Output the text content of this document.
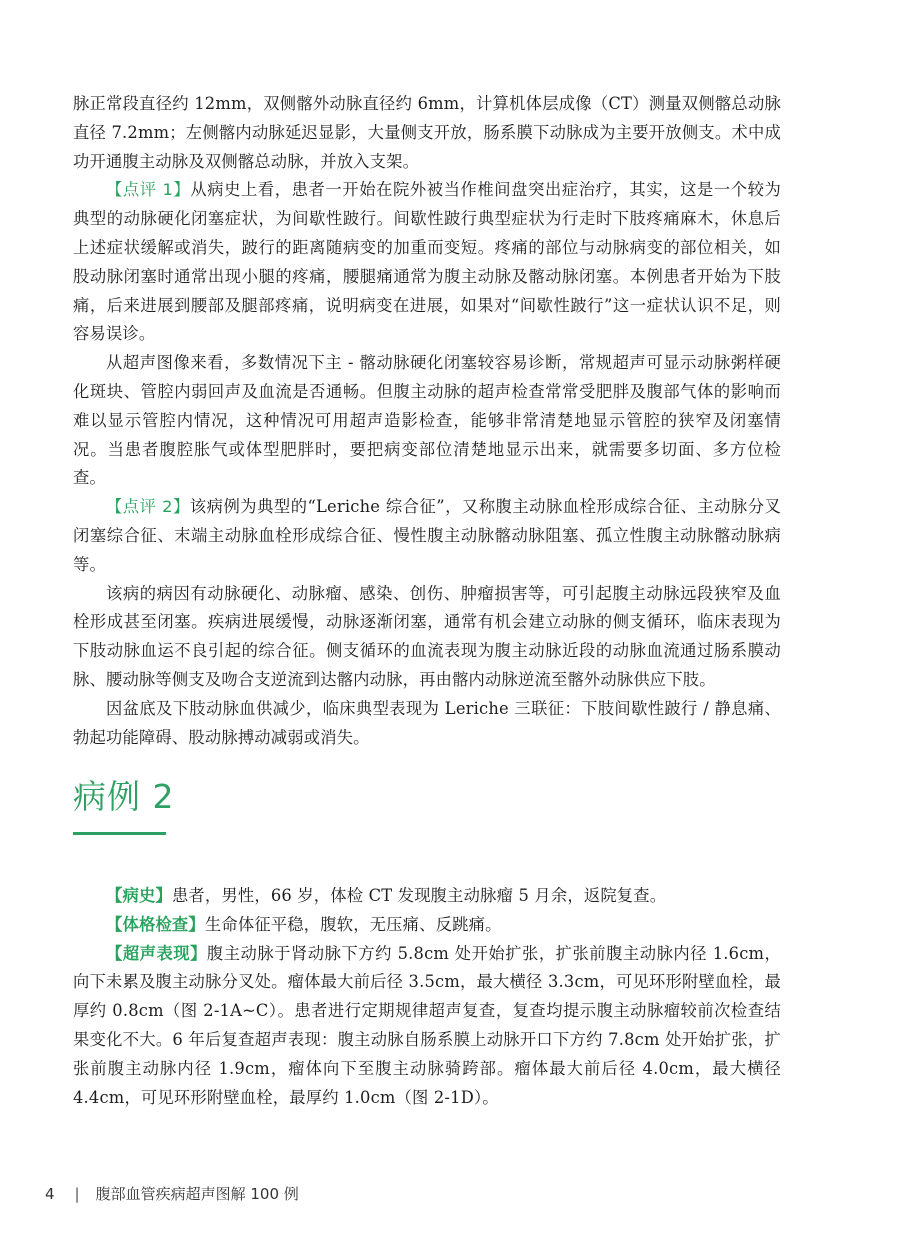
脉正常段直径约 12mm，双侧髂外动脉直径约 6mm，计算机体层成像（CT）测量双侧髂总动脉直径 7.2mm；左侧髂内动脉延迟显影，大量侧支开放，肠系膜下动脉成为主要开放侧支。术中成功开通腹主动脉及双侧髂总动脉，并放入支架。

【点评 1】从病史上看，患者一开始在院外被当作椎间盘突出症治疗，其实，这是一个较为典型的动脉硬化闭塞症状，为间歇性跛行。间歇性跛行典型症状为行走时下肢疼痛麻木，休息后上述症状缓解或消失，跛行的距离随病变的加重而变短。疼痛的部位与动脉病变的部位相关，如股动脉闭塞时通常出现小腿的疼痛，腰腿痛通常为腹主动脉及髂动脉闭塞。本例患者开始为下肢痛，后来进展到腰部及腿部疼痛，说明病变在进展，如果对“间歇性跛行”这一症状认识不足，则容易误诊。

从超声图像来看，多数情况下主 - 髂动脉硬化闭塞较容易诊断，常规超声可显示动脉粥样硬化斑块、管腔内弱回声及血流是否通畅。但腹主动脉的超声检查常常受肥胖及腹部气体的影响而难以显示管腔内情况，这种情况可用超声造影检查，能够非常清楚地显示管腔的狭窄及闭塞情况。当患者腹腔胀气或体型肥胖时，要把病变部位清楚地显示出来，就需要多切面、多方位检查。

【点评 2】该病例为典型的“Leriche 综合征”，又称腹主动脉血栓形成综合征、主动脉分叉闭塞综合征、末端主动脉血栓形成综合征、慢性腹主动脉髂动脉阻塞、孤立性腹主动脉髂动脉病等。

该病的病因有动脉硬化、动脉瘤、感染、创伤、肿瘤损害等，可引起腹主动脉远段狭窄及血栓形成甚至闭塞。疾病进展缓慢，动脉逐渐闭塞，通常有机会建立动脉的侧支循环，临床表现为下肢动脉血运不良引起的综合征。侧支循环的血流表现为腹主动脉近段的动脉血流通过肠系膜动脉、腰动脉等侧支及吻合支逆流到达髂内动脉，再由髂内动脉逆流至髂外动脉供应下肢。

因盆底及下肢动脉血供减少，临床典型表现为 Leriche 三联征：下肢间歇性跛行 / 静息痛、勃起功能障碍、股动脉搏动减弱或消失。

病例 2

【病史】患者，男性，66 岁，体检 CT 发现腹主动脉瘤 5 月余，返院复查。

【体格检查】生命体征平稳，腹软，无压痛、反跳痛。

【超声表现】腹主动脉于肾动脉下方约 5.8cm 处开始扩张，扩张前腹主动脉内径 1.6cm，向下未累及腹主动脉分叉处。瘤体最大前后径 3.5cm，最大横径 3.3cm，可见环形附壁血栓，最厚约 0.8cm（图 2-1A~C）。患者进行定期规律超声复查，复查均提示腹主动脉瘤较前次检查结果变化不大。6 年后复查超声表现：腹主动脉自肠系膜上动脉开口下方约 7.8cm 处开始扩张，扩张前腹主动脉内径 1.9cm，瘤体向下至腹主动脉骑跨部。瘤体最大前后径 4.0cm，最大横径 4.4cm，可见环形附壁血栓，最厚约 1.0cm（图 2-1D）。

4 | 腹部血管疾病超声图解 100 例
